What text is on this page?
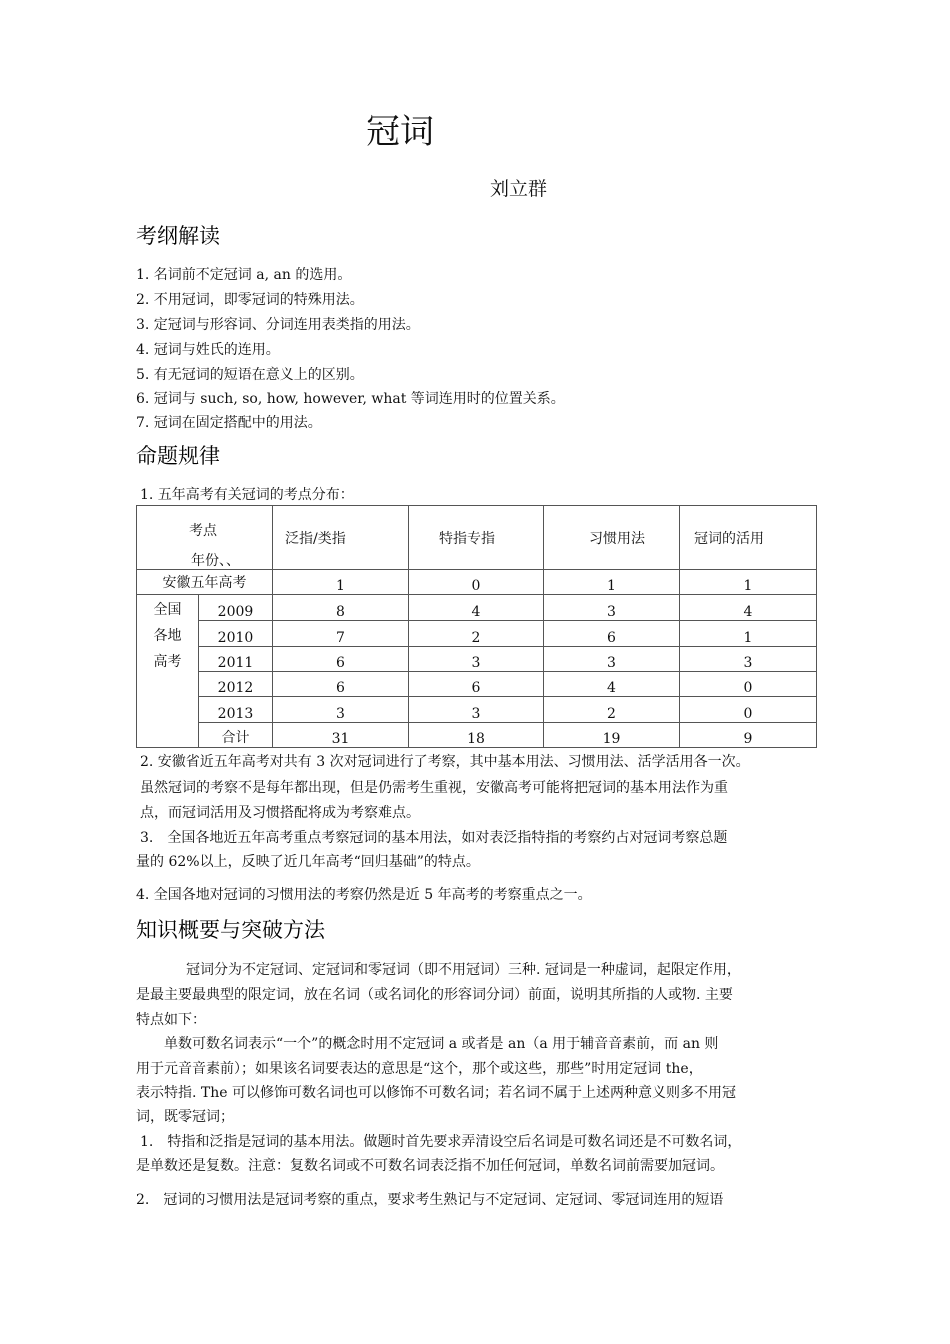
冠词
刘立群
考纲解读
1. 名词前不定冠词 a, an 的选用。
2. 不用冠词，即零冠词的特殊用法。
3. 定冠词与形容词、分词连用表类指的用法。
4. 冠词与姓氏的连用。
5. 有无冠词的短语在意义上的区别。
6. 冠词与 such, so, how, however, what 等词连用时的位置关系。
7. 冠词在固定搭配中的用法。
命题规律
1. 五年高考有关冠词的考点分布：
考点
年份、、		泛指/类指	特指专指	习惯用法	冠词的活用
安徽五年高考		1	0	1	1

全国
各地
高考	2009	8	4	3	4
	2010	7	2	6	1
	2011	6	3	3	3
	2012	6	6	4	0
	2013	3	3	2	0
	合计	31	18	19	9
2. 安徽省近五年高考对共有 3 次对冠词进行了考察，其中基本用法、习惯用法、活学活用各一次。
虽然冠词的考察不是每年都出现，但是仍需考生重视，安徽高考可能将把冠词的基本用法作为重
点，而冠词活用及习惯搭配将成为考察难点。
3.　全国各地近五年高考重点考察冠词的基本用法，如对表泛指特指的考察约占对冠词考察总题
量的 62%以上，反映了近几年高考“回归基础”的特点。
4. 全国各地对冠词的习惯用法的考察仍然是近 5 年高考的考察重点之一。
知识概要与突破方法
冠词分为不定冠词、定冠词和零冠词（即不用冠词）三种. 冠词是一种虚词，起限定作用，
是最主要最典型的限定词，放在名词（或名词化的形容词分词）前面，说明其所指的人或物. 主要
特点如下：
单数可数名词表示“一个”的概念时用不定冠词 a 或者是 an（a 用于辅音音素前，而 an 则
用于元音音素前）；如果该名词要表达的意思是“这个，那个或这些，那些”时用定冠词 the，
表示特指. The 可以修饰可数名词也可以修饰不可数名词；若名词不属于上述两种意义则多不用冠
词，既零冠词；
1.　特指和泛指是冠词的基本用法。做题时首先要求弄清设空后名词是可数名词还是不可数名词，
是单数还是复数。注意：复数名词或不可数名词表泛指不加任何冠词，单数名词前需要加冠词。
2.　冠词的习惯用法是冠词考察的重点，要求考生熟记与不定冠词、定冠词、零冠词连用的短语
